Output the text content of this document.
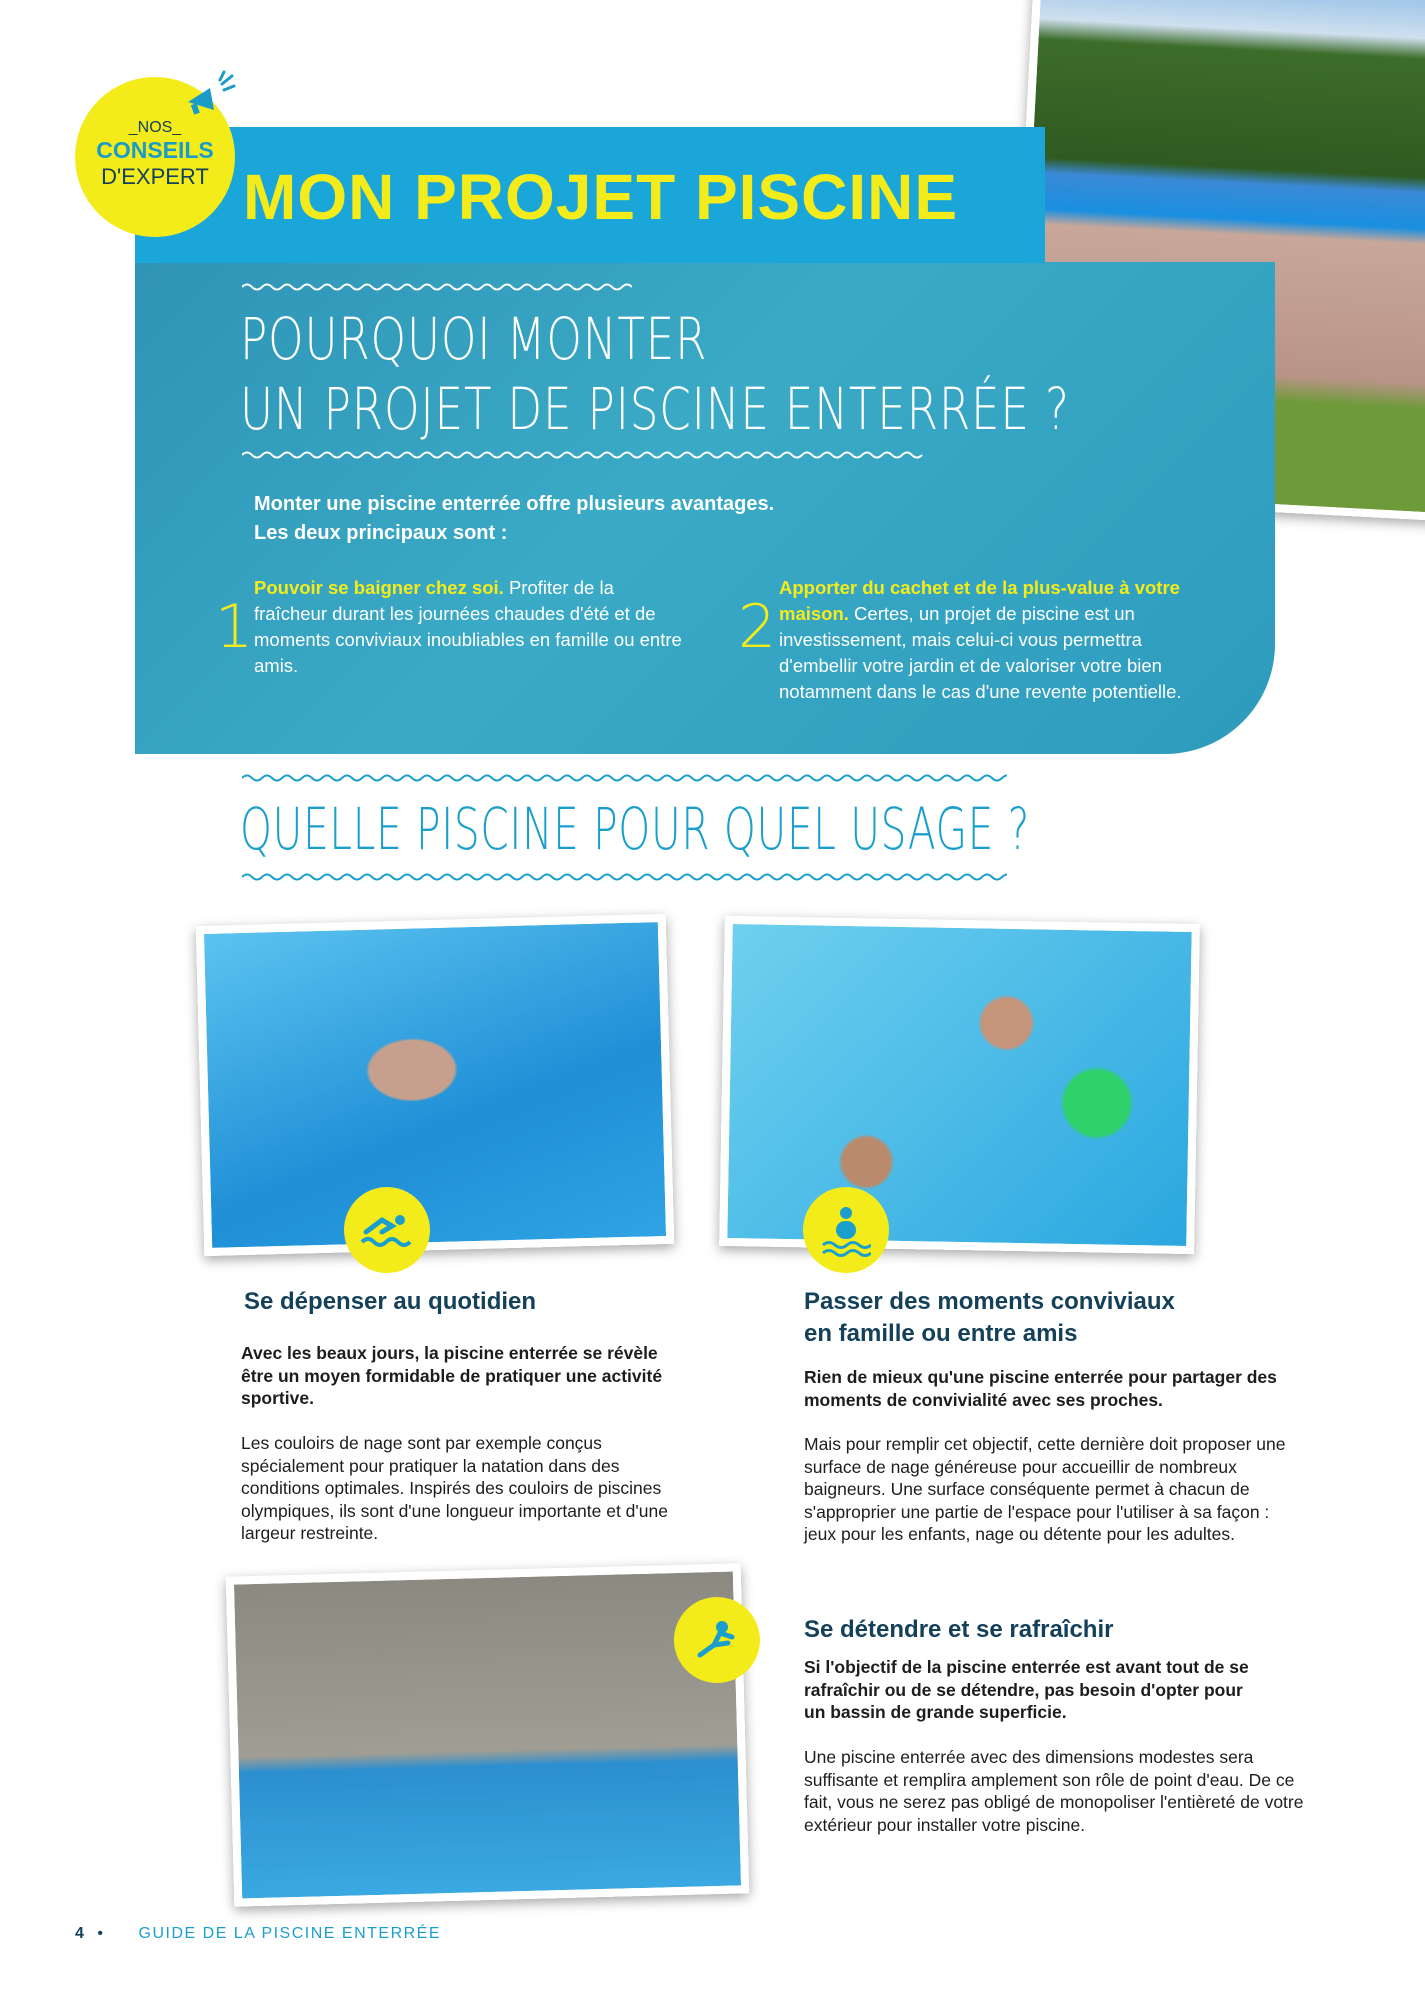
_NOS_
CONSEILS
D'EXPERT MON PROJET PISCINE
POURQUOI MONTER
UN PROJET DE PISCINE ENTERRÉE ?
Monter une piscine enterrée offre plusieurs avantages.
Les deux principaux sont :
1
Pouvoir se baigner chez soi. Profiter de la fraîcheur durant les journées chaudes d'été et de moments conviviaux inoubliables en famille ou entre amis.
2
Apporter du cachet et de la plus-value à votre maison. Certes, un projet de piscine est un investissement, mais celui-ci vous permettra d'embellir votre jardin et de valoriser votre bien notamment dans le cas d'une revente potentielle.
QUELLE PISCINE POUR QUEL USAGE ?
Se dépenser au quotidien
Avec les beaux jours, la piscine enterrée se révèle être un moyen formidable de pratiquer une activité sportive.
Les couloirs de nage sont par exemple conçus spécialement pour pratiquer la natation dans des conditions optimales. Inspirés des couloirs de piscines olympiques, ils sont d'une longueur importante et d'une largeur restreinte.
Passer des moments conviviaux en famille ou entre amis
Rien de mieux qu'une piscine enterrée pour partager des moments de convivialité avec ses proches.
Mais pour remplir cet objectif, cette dernière doit proposer une surface de nage généreuse pour accueillir de nombreux baigneurs. Une surface conséquente permet à chacun de s'approprier une partie de l'espace pour l'utiliser à sa façon : jeux pour les enfants, nage ou détente pour les adultes.
Se détendre et se rafraîchir
Si l'objectif de la piscine enterrée est avant tout de se rafraîchir ou de se détendre, pas besoin d'opter pour un bassin de grande superficie.
Une piscine enterrée avec des dimensions modestes sera suffisante et remplira amplement son rôle de point d'eau. De ce fait, vous ne serez pas obligé de monopoliser l'entièreté de votre extérieur pour installer votre piscine.
4 • GUIDE DE LA PISCINE ENTERRÉE
